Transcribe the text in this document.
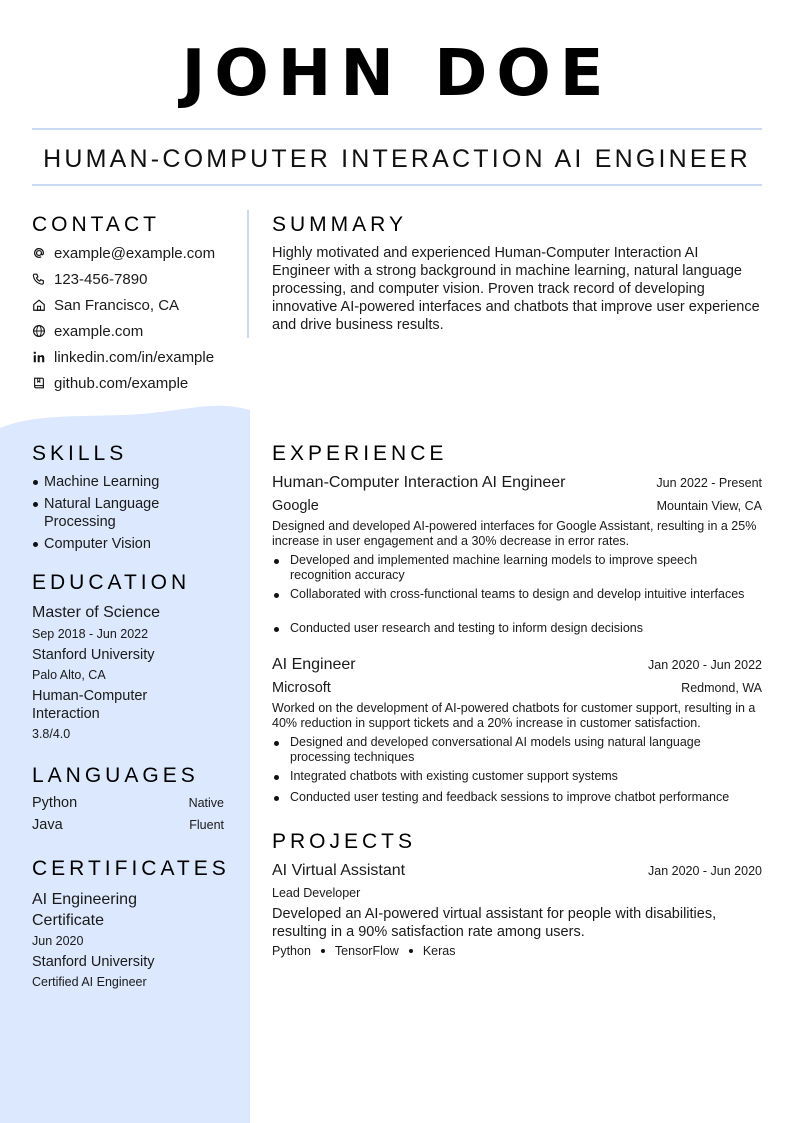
JOHN DOE
HUMAN-COMPUTER INTERACTION AI ENGINEER
CONTACT
example@example.com
123-456-7890
San Francisco, CA
example.com
linkedin.com/in/example
github.com/example
SUMMARY
Highly motivated and experienced Human-Computer Interaction AI Engineer with a strong background in machine learning, natural language processing, and computer vision. Proven track record of developing innovative AI-powered interfaces and chatbots that improve user experience and drive business results.
SKILLS
Machine Learning
Natural Language Processing
Computer Vision
EDUCATION
Master of Science
Sep 2018 - Jun 2022
Stanford University
Palo Alto, CA
Human-Computer Interaction
3.8/4.0
LANGUAGES
Python	Native
Java	Fluent
CERTIFICATES
AI Engineering Certificate
Jun 2020
Stanford University
Certified AI Engineer
EXPERIENCE
Human-Computer Interaction AI Engineer	Jun 2022 - Present
Google	Mountain View, CA
Designed and developed AI-powered interfaces for Google Assistant, resulting in a 25% increase in user engagement and a 30% decrease in error rates.
Developed and implemented machine learning models to improve speech recognition accuracy
Collaborated with cross-functional teams to design and develop intuitive interfaces
Conducted user research and testing to inform design decisions
AI Engineer	Jan 2020 - Jun 2022
Microsoft	Redmond, WA
Worked on the development of AI-powered chatbots for customer support, resulting in a 40% reduction in support tickets and a 20% increase in customer satisfaction.
Designed and developed conversational AI models using natural language processing techniques
Integrated chatbots with existing customer support systems
Conducted user testing and feedback sessions to improve chatbot performance
PROJECTS
AI Virtual Assistant	Jan 2020 - Jun 2020
Lead Developer
Developed an AI-powered virtual assistant for people with disabilities, resulting in a 90% satisfaction rate among users.
Python TensorFlow Keras
